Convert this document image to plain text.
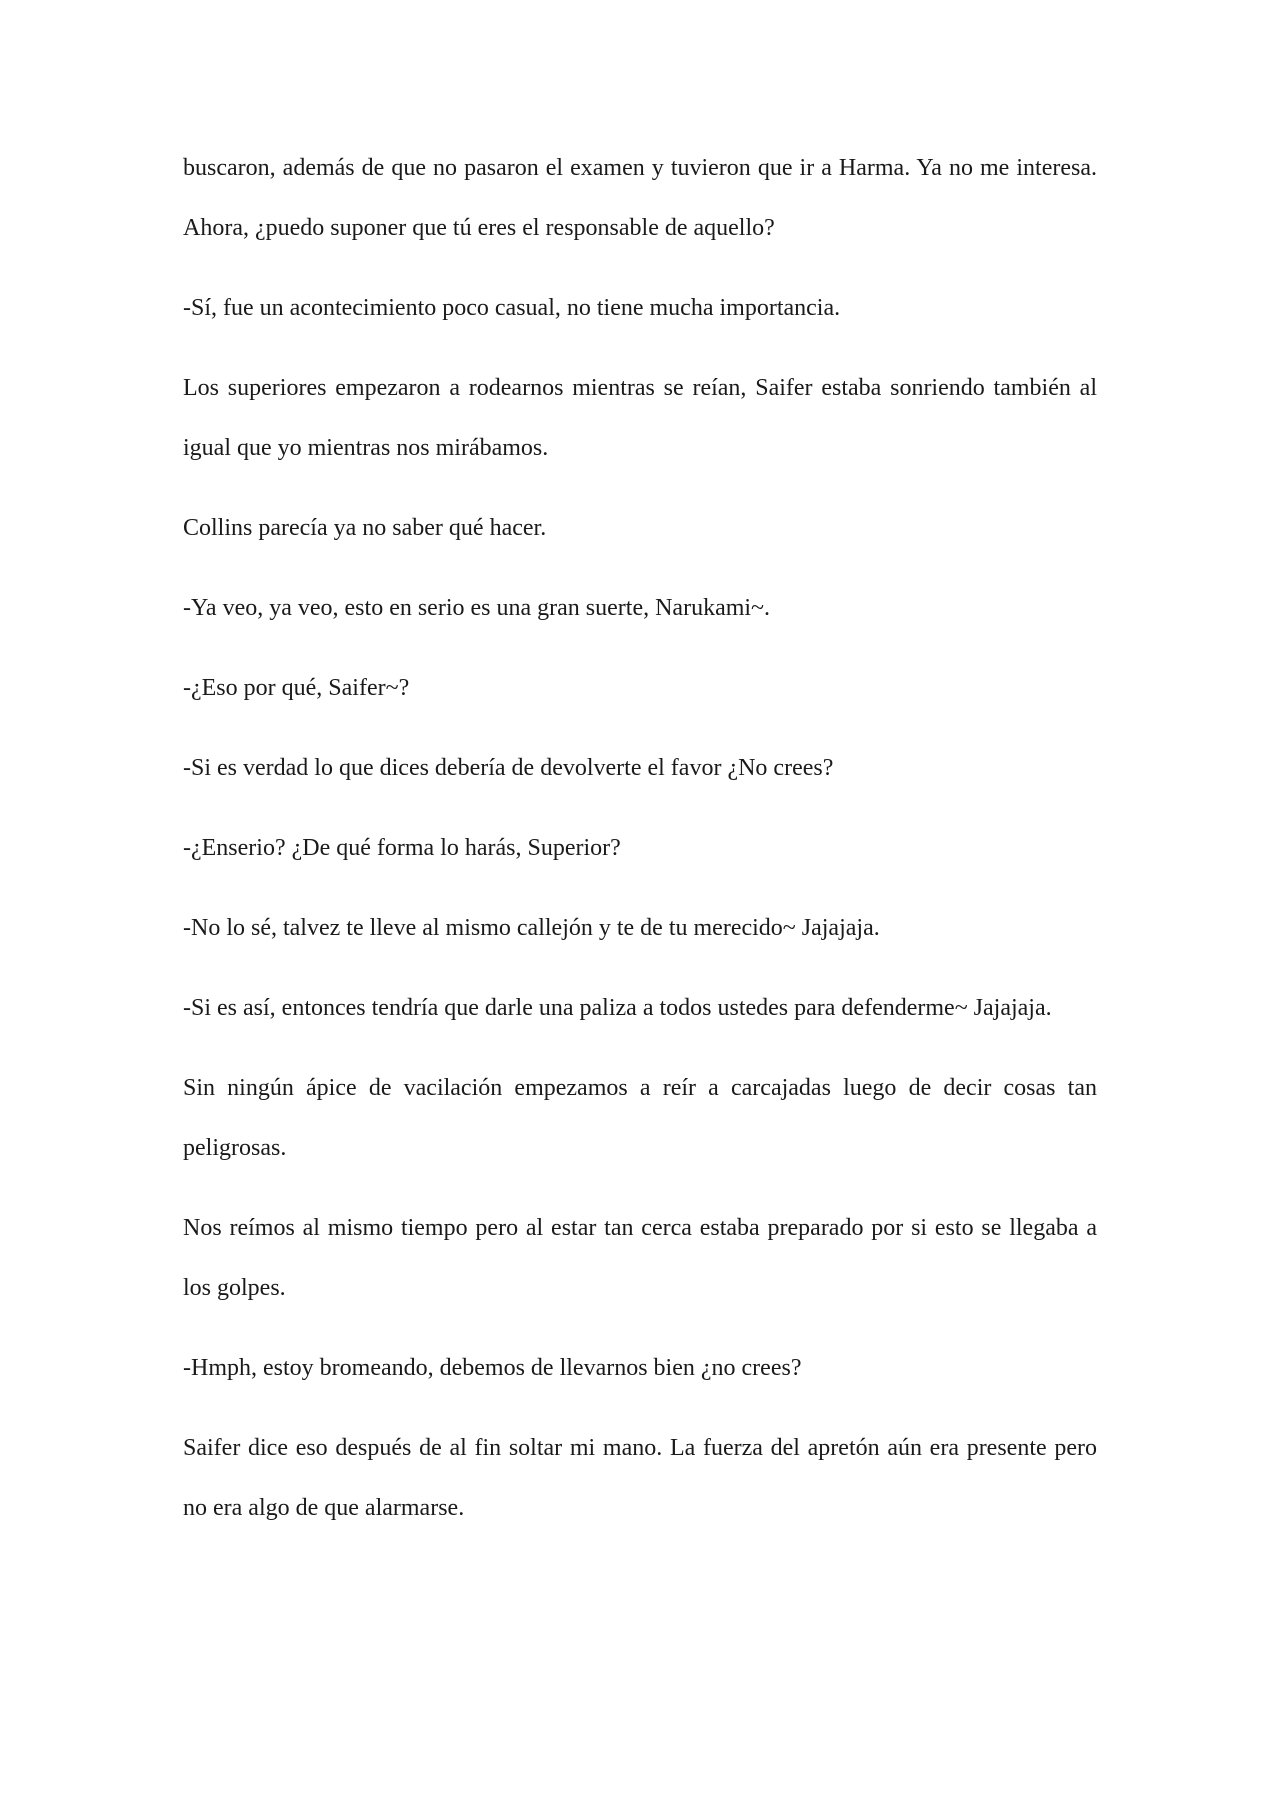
buscaron, además de que no pasaron el examen y tuvieron que ir a Harma. Ya no me interesa. Ahora, ¿puedo suponer que tú eres el responsable de aquello?

-Sí, fue un acontecimiento poco casual, no tiene mucha importancia.

Los superiores empezaron a rodearnos mientras se reían, Saifer estaba sonriendo también al igual que yo mientras nos mirábamos.

Collins parecía ya no saber qué hacer.

-Ya veo, ya veo, esto en serio es una gran suerte, Narukami~.

-¿Eso por qué, Saifer~?

-Si es verdad lo que dices debería de devolverte el favor ¿No crees?

-¿Enserio? ¿De qué forma lo harás, Superior?

-No lo sé, talvez te lleve al mismo callejón y te de tu merecido~ Jajajaja.

-Si es así, entonces tendría que darle una paliza a todos ustedes para defenderme~ Jajajaja.

Sin ningún ápice de vacilación empezamos a reír a carcajadas luego de decir cosas tan peligrosas.

Nos reímos al mismo tiempo pero al estar tan cerca estaba preparado por si esto se llegaba a los golpes.

-Hmph, estoy bromeando, debemos de llevarnos bien ¿no crees?

Saifer dice eso después de al fin soltar mi mano. La fuerza del apretón aún era presente pero no era algo de que alarmarse.
